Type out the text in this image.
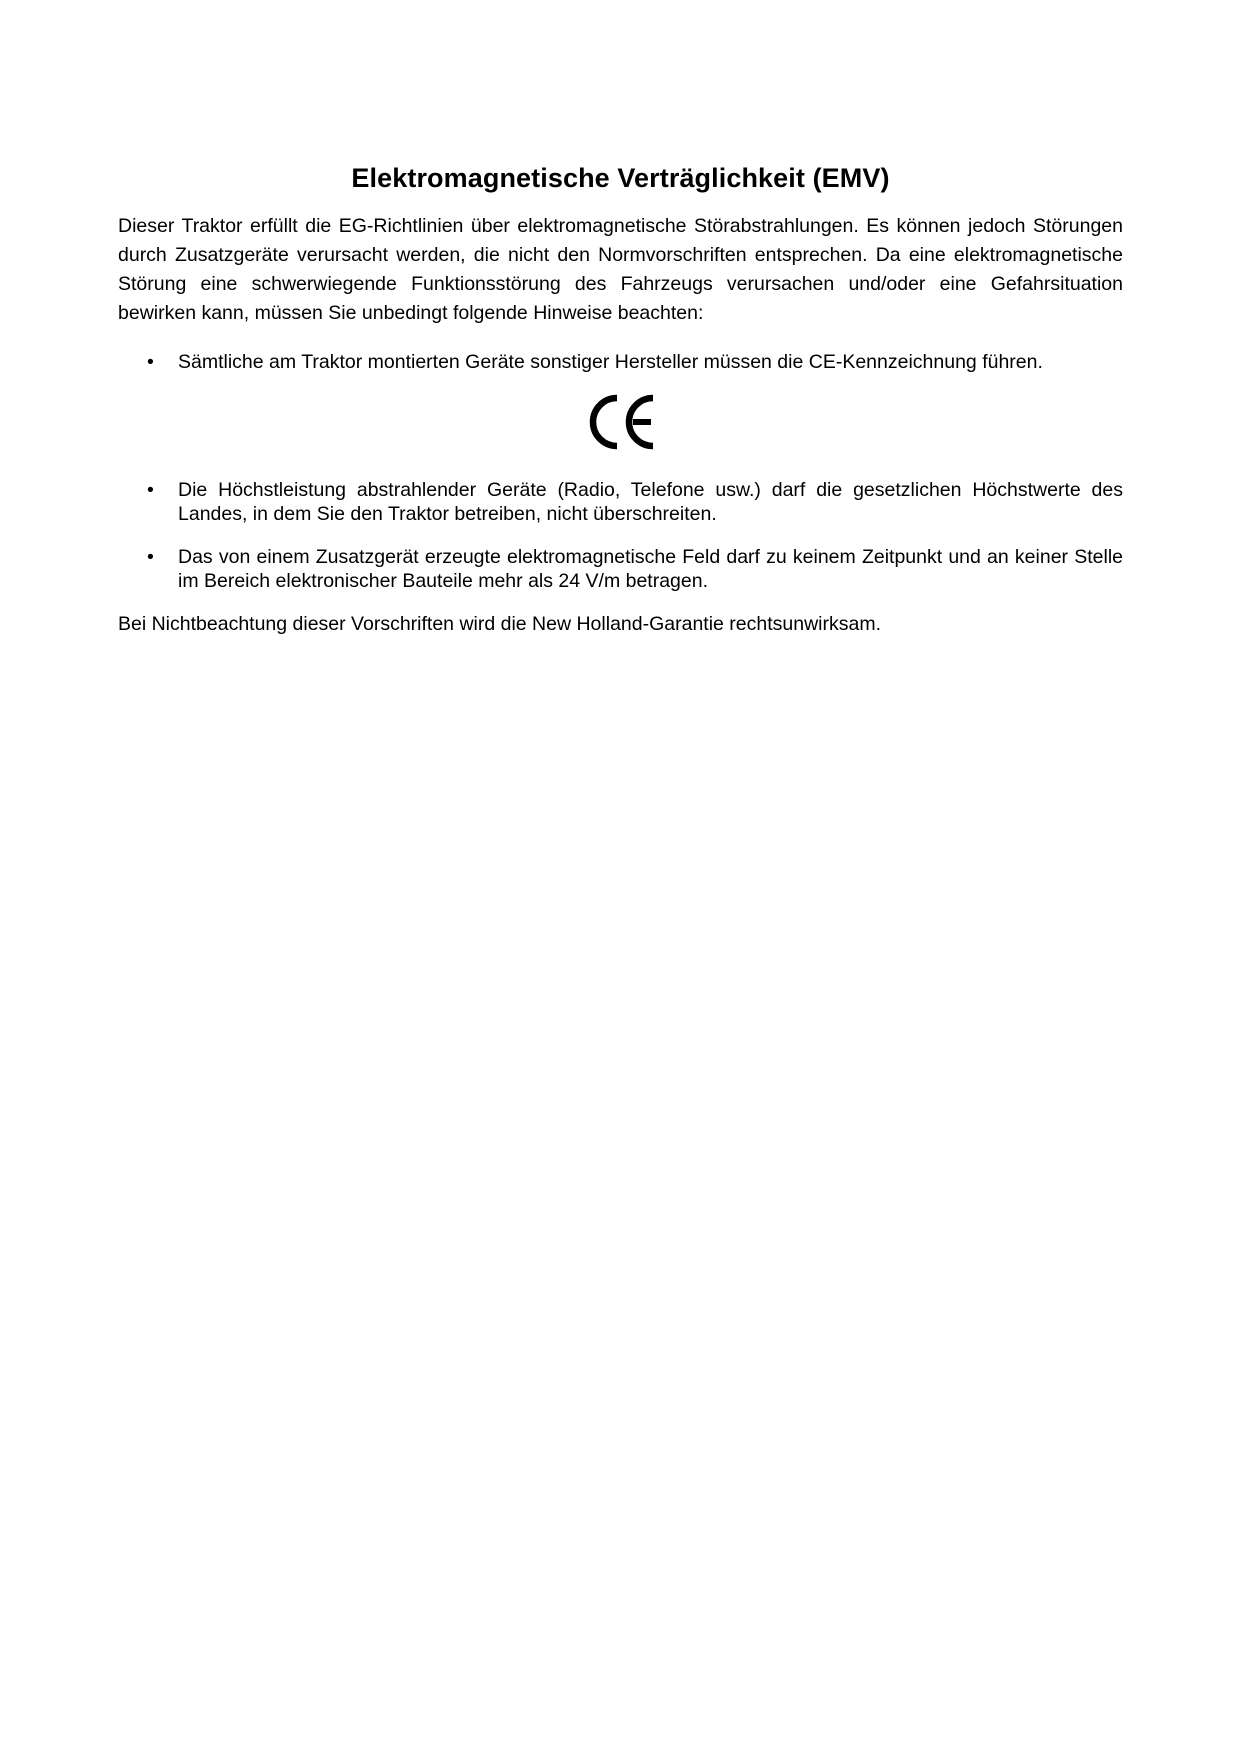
Elektromagnetische Verträglichkeit (EMV)

Dieser Traktor erfüllt die EG-Richtlinien über elektromagnetische Störabstrahlungen. Es können jedoch Störungen durch Zusatzgeräte verursacht werden, die nicht den Normvorschriften entsprechen. Da eine elektromagnetische Störung eine schwerwiegende Funktionsstörung des Fahrzeugs verursachen und/oder eine Gefahrsituation bewirken kann, müssen Sie unbedingt folgende Hinweise beachten:

• Sämtliche am Traktor montierten Geräte sonstiger Hersteller müssen die CE-Kennzeichnung führen.
• Die Höchstleistung abstrahlender Geräte (Radio, Telefone usw.) darf die gesetzlichen Höchstwerte des Landes, in dem Sie den Traktor betreiben, nicht überschreiten.
• Das von einem Zusatzgerät erzeugte elektromagnetische Feld darf zu keinem Zeitpunkt und an keiner Stelle im Bereich elektronischer Bauteile mehr als 24 V/m betragen.

Bei Nichtbeachtung dieser Vorschriften wird die New Holland-Garantie rechtsunwirksam.
